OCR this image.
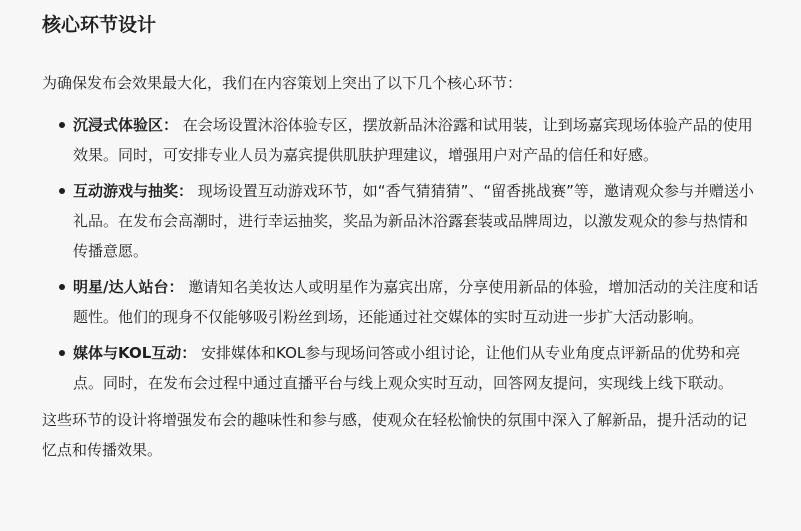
核心环节设计

为确保发布会效果最大化，我们在内容策划上突出了以下几个核心环节：

沉浸式体验区： 在会场设置沐浴体验专区，摆放新品沐浴露和试用装，让到场嘉宾现场体验产品的使用效果。同时，可安排专业人员为嘉宾提供肌肤护理建议，增强用户对产品的信任和好感。
互动游戏与抽奖： 现场设置互动游戏环节，如“香气猜猜猜”、“留香挑战赛”等，邀请观众参与并赠送小礼品。在发布会高潮时，进行幸运抽奖，奖品为新品沐浴露套装或品牌周边，以激发观众的参与热情和传播意愿。
明星/达人站台： 邀请知名美妆达人或明星作为嘉宾出席，分享使用新品的体验，增加活动的关注度和话题性。他们的现身不仅能够吸引粉丝到场，还能通过社交媒体的实时互动进一步扩大活动影响。
媒体与KOL互动： 安排媒体和KOL参与现场问答或小组讨论，让他们从专业角度点评新品的优势和亮点。同时，在发布会过程中通过直播平台与线上观众实时互动，回答网友提问，实现线上线下联动。

这些环节的设计将增强发布会的趣味性和参与感，使观众在轻松愉快的氛围中深入了解新品，提升活动的记忆点和传播效果。
